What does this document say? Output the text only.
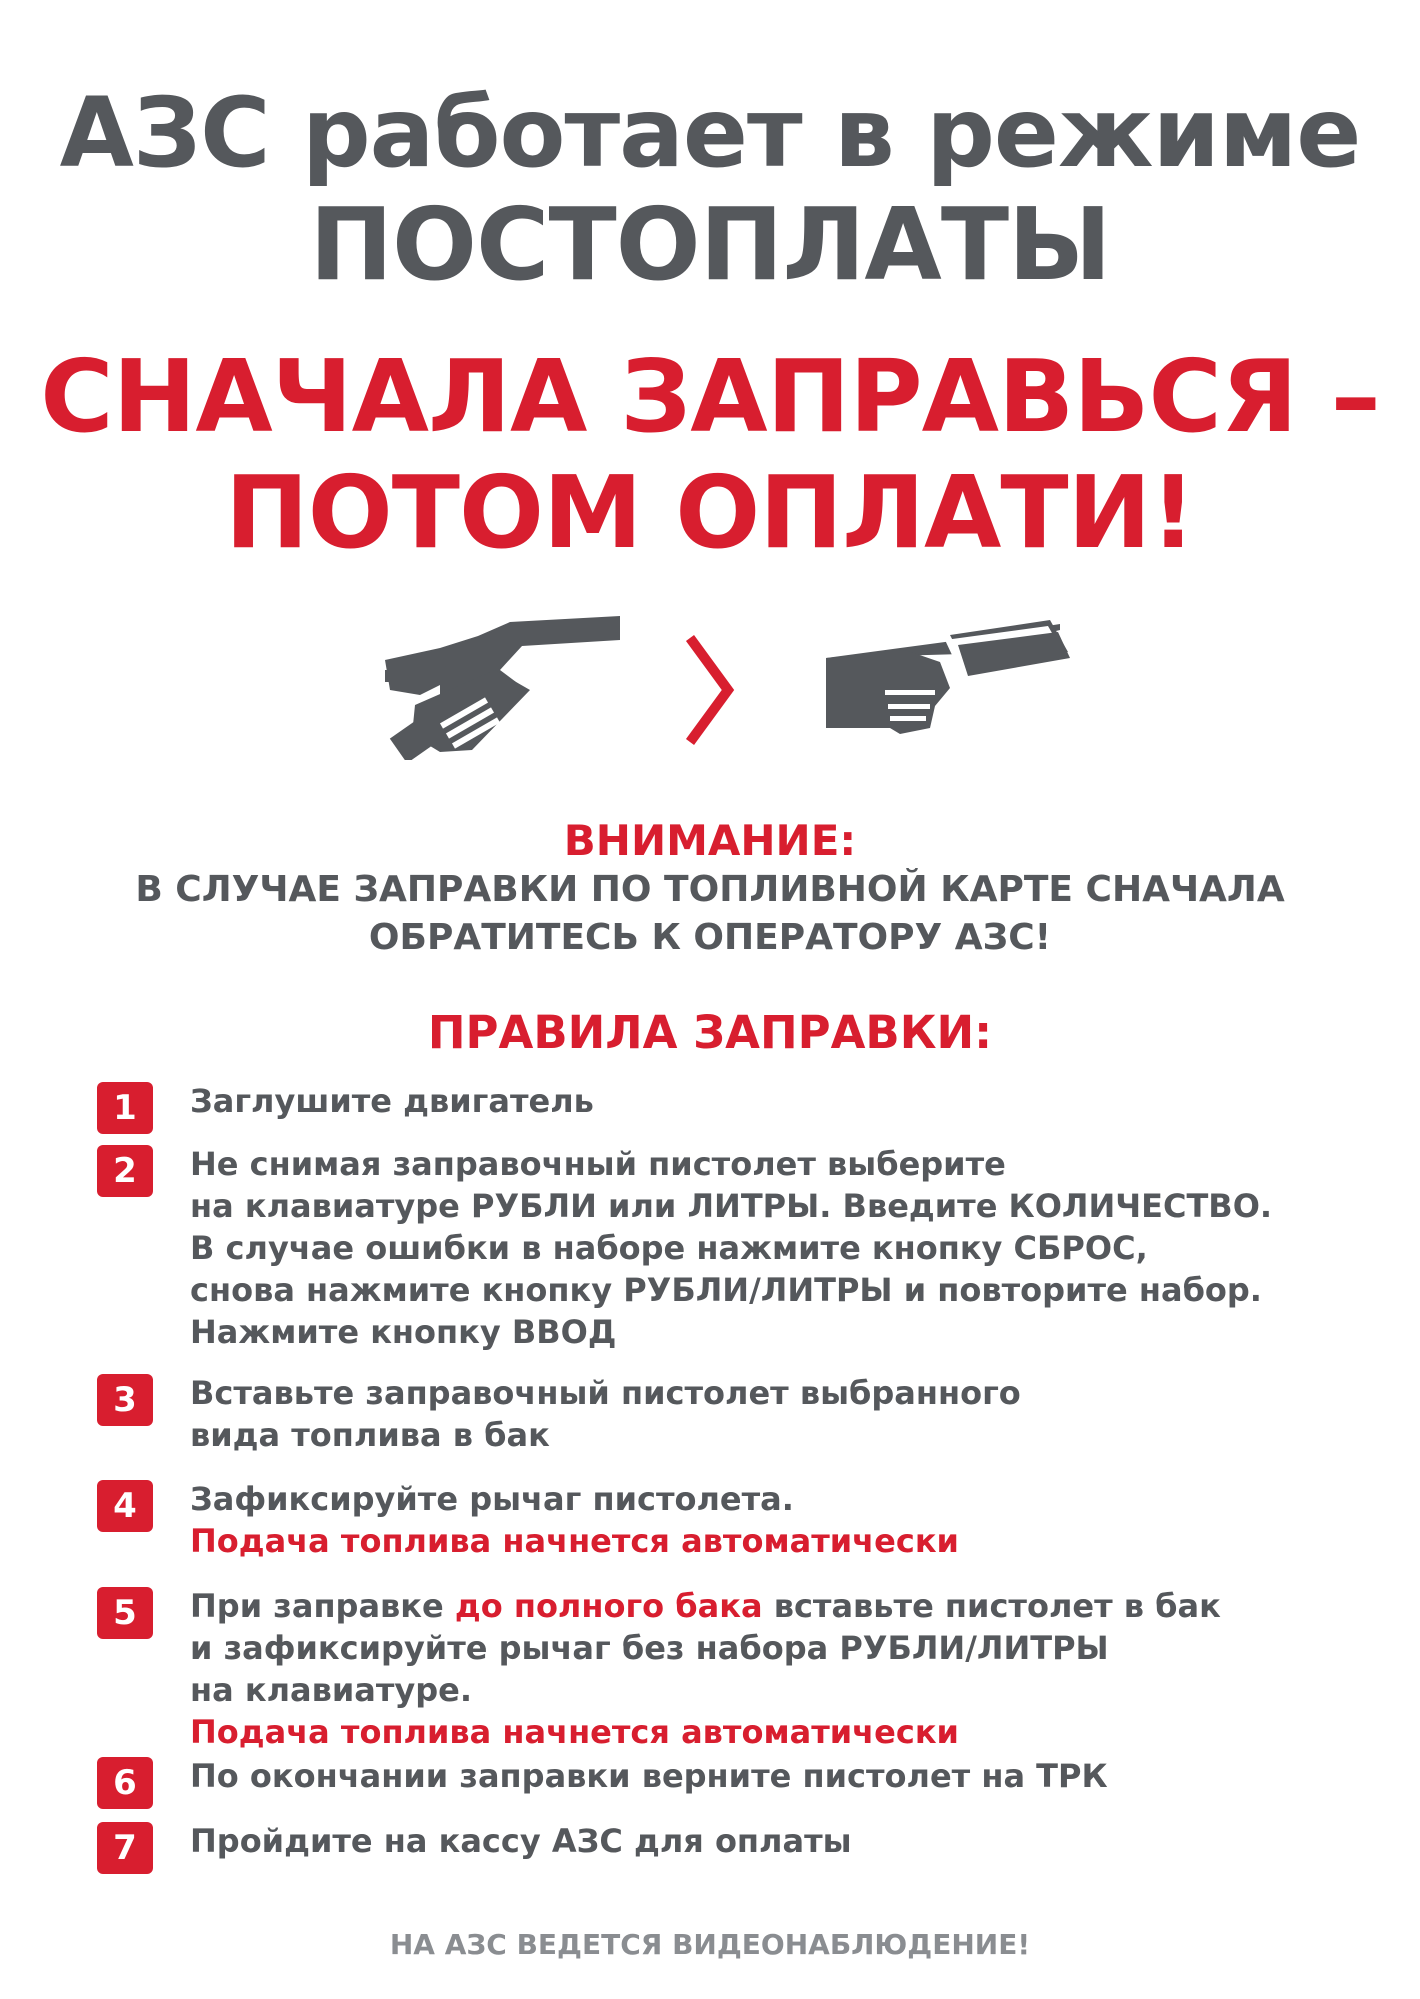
АЗС работает в режиме
ПОСТОПЛАТЫ
СНАЧАЛА ЗАПРАВЬСЯ –
ПОТОМ ОПЛАТИ!
ВНИМАНИЕ:
В СЛУЧАЕ ЗАПРАВКИ ПО ТОПЛИВНОЙ КАРТЕ СНАЧАЛА
ОБРАТИТЕСЬ К ОПЕРАТОРУ АЗС!
ПРАВИЛА ЗАПРАВКИ:
1	Заглушите двигатель
2	Не снимая заправочный пистолет выберите
на клавиатуре РУБЛИ или ЛИТРЫ. Введите КОЛИЧЕСТВО.
В случае ошибки в наборе нажмите кнопку СБРОС,
снова нажмите кнопку РУБЛИ/ЛИТРЫ и повторите набор.
Нажмите кнопку ВВОД
3	Вставьте заправочный пистолет выбранного
вида топлива в бак
4	Зафиксируйте рычаг пистолета.
Подача топлива начнется автоматически
5	При заправке до полного бака вставьте пистолет в бак
и зафиксируйте рычаг без набора РУБЛИ/ЛИТРЫ
на клавиатуре.
Подача топлива начнется автоматически
6	По окончании заправки верните пистолет на ТРК
7	Пройдите на кассу АЗС для оплаты
НА АЗС ВЕДЕТСЯ ВИДЕОНАБЛЮДЕНИЕ!
